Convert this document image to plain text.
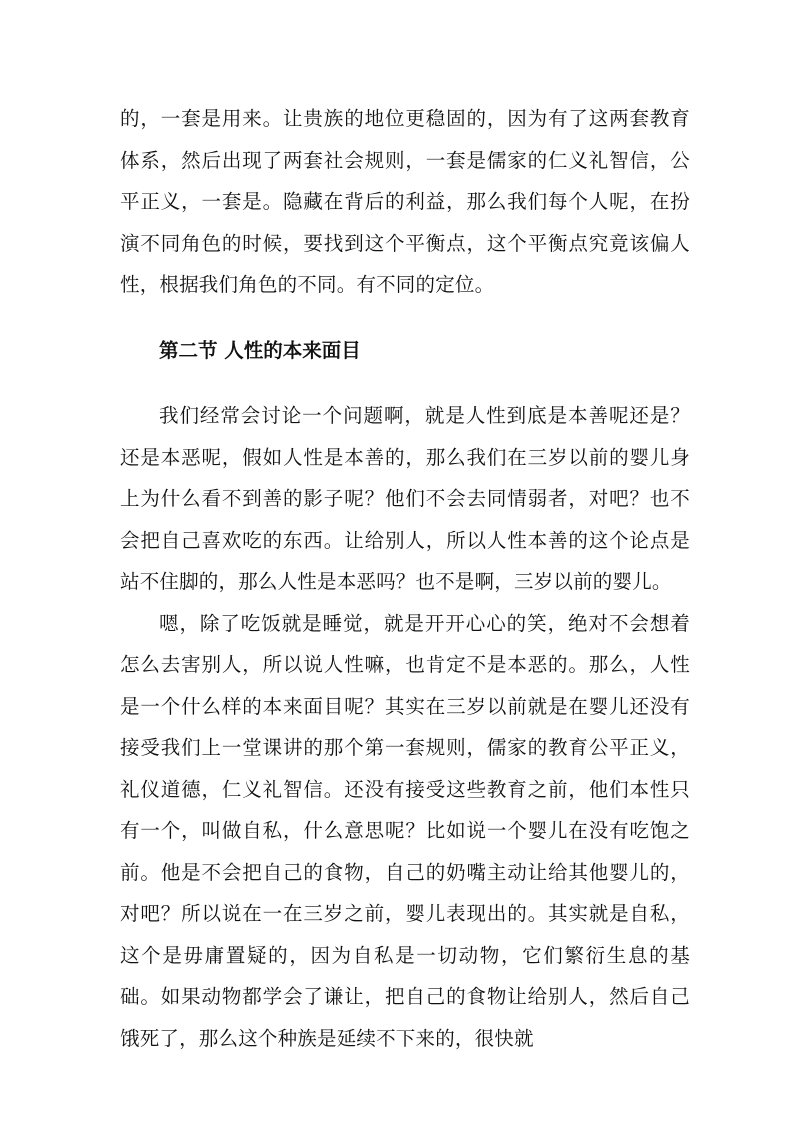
的，一套是用来。让贵族的地位更稳固的，因为有了这两套教育体系，然后出现了两套社会规则，一套是儒家的仁义礼智信，公平正义，一套是。隐藏在背后的利益，那么我们每个人呢，在扮演不同角色的时候，要找到这个平衡点，这个平衡点究竟该偏人性，根据我们角色的不同。有不同的定位。

第二节 人性的本来面目

我们经常会讨论一个问题啊，就是人性到底是本善呢还是？还是本恶呢，假如人性是本善的，那么我们在三岁以前的婴儿身上为什么看不到善的影子呢？他们不会去同情弱者，对吧？也不会把自己喜欢吃的东西。让给别人，所以人性本善的这个论点是站不住脚的，那么人性是本恶吗？也不是啊，三岁以前的婴儿。

嗯，除了吃饭就是睡觉，就是开开心心的笑，绝对不会想着怎么去害别人，所以说人性嘛，也肯定不是本恶的。那么，人性是一个什么样的本来面目呢？其实在三岁以前就是在婴儿还没有接受我们上一堂课讲的那个第一套规则，儒家的教育公平正义，礼仪道德，仁义礼智信。还没有接受这些教育之前，他们本性只有一个，叫做自私，什么意思呢？比如说一个婴儿在没有吃饱之前。他是不会把自己的食物，自己的奶嘴主动让给其他婴儿的，对吧？所以说在一在三岁之前，婴儿表现出的。其实就是自私，这个是毋庸置疑的，因为自私是一切动物，它们繁衍生息的基础。如果动物都学会了谦让，把自己的食物让给别人，然后自己饿死了，那么这个种族是延续不下来的，很快就
